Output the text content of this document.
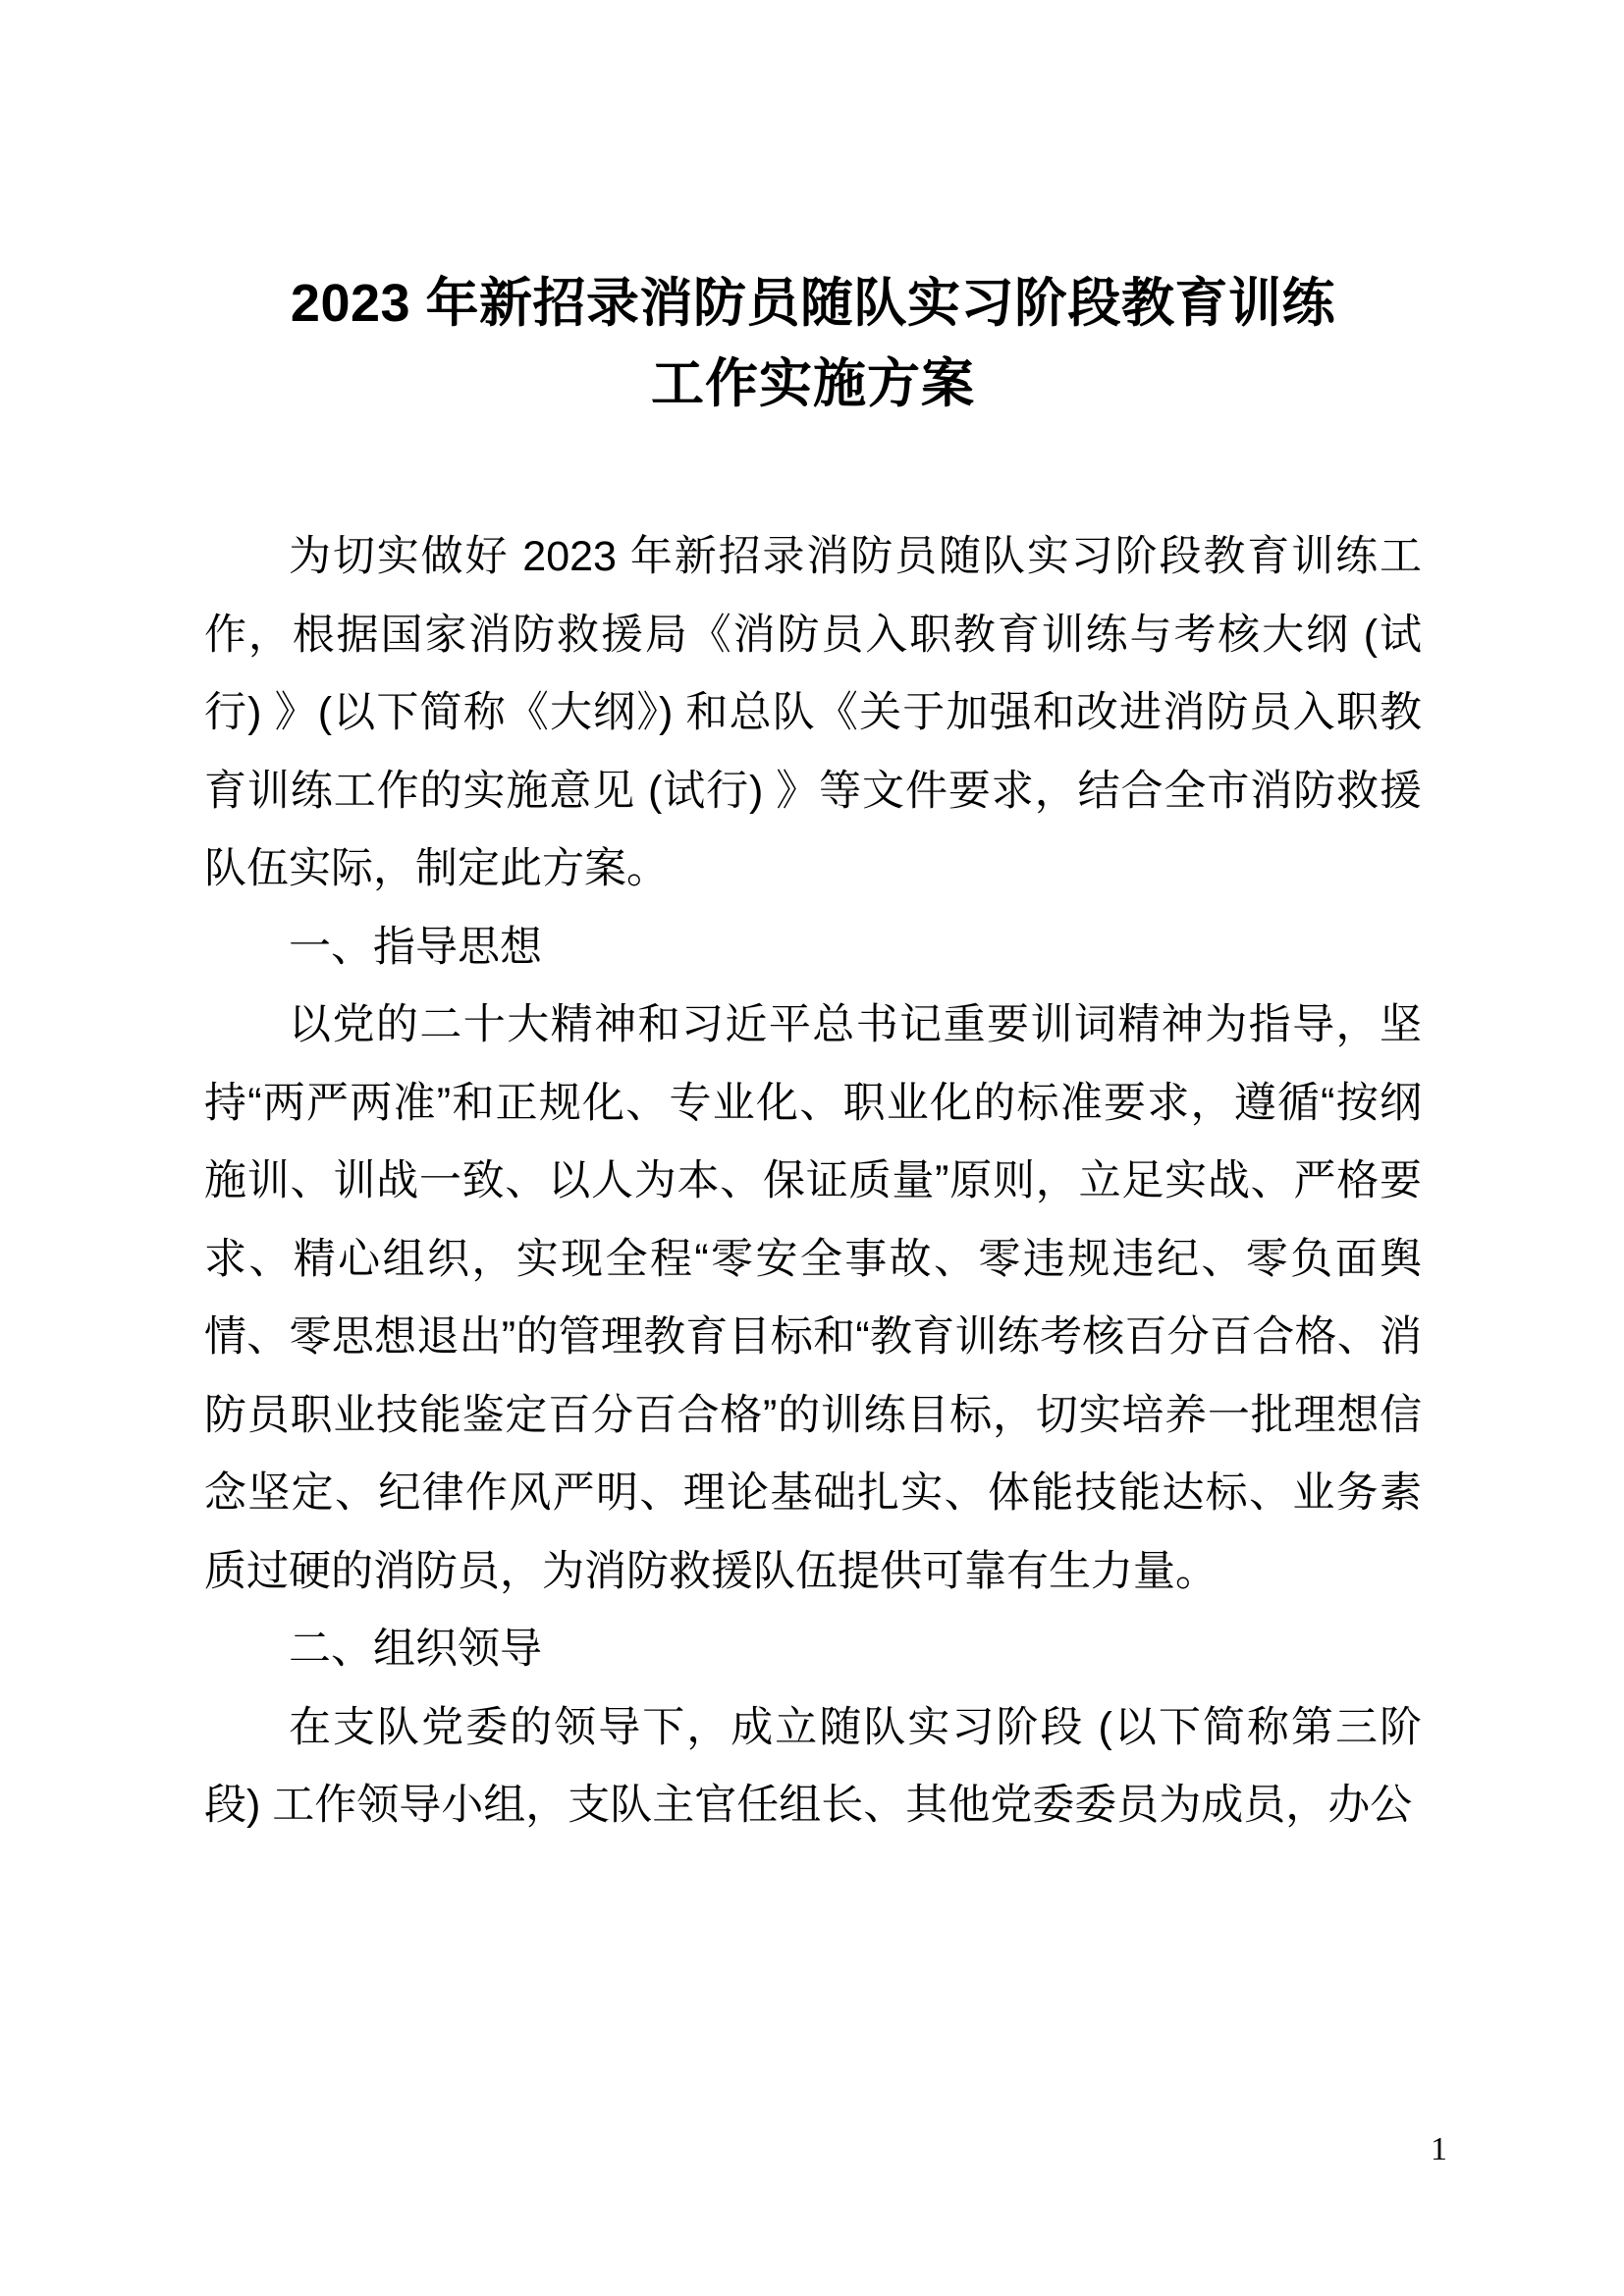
2023 年新招录消防员随队实习阶段教育训练
工作实施方案

为切实做好 2023 年新招录消防员随队实习阶段教育训练工作，根据国家消防救援局《消防员入职教育训练与考核大纲 (试行) 》(以下简称《大纲》) 和总队《关于加强和改进消防员入职教育训练工作的实施意见 (试行) 》等文件要求，结合全市消防救援队伍实际，制定此方案。

一、指导思想

以党的二十大精神和习近平总书记重要训词精神为指导，坚持“两严两准”和正规化、专业化、职业化的标准要求，遵循“按纲施训、训战一致、以人为本、保证质量”原则，立足实战、严格要求、精心组织，实现全程“零安全事故、零违规违纪、零负面舆情、零思想退出”的管理教育目标和“教育训练考核百分百合格、消防员职业技能鉴定百分百合格”的训练目标，切实培养一批理想信念坚定、纪律作风严明、理论基础扎实、体能技能达标、业务素质过硬的消防员，为消防救援队伍提供可靠有生力量。

二、组织领导

在支队党委的领导下，成立随队实习阶段 (以下简称第三阶段) 工作领导小组，支队主官任组长、其他党委委员为成员，办公

1
